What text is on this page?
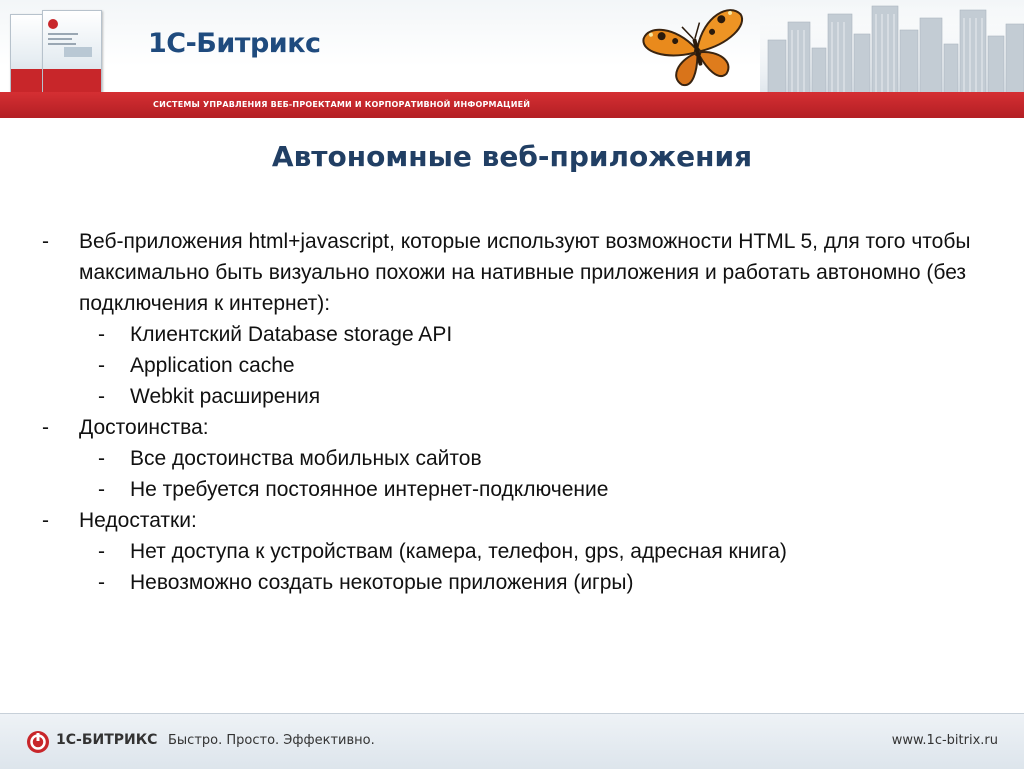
1С-Битрикс
СИСТЕМЫ УПРАВЛЕНИЯ ВЕБ-ПРОЕКТАМИ И КОРПОРАТИВНОЙ ИНФОРМАЦИЕЙ
Автономные веб-приложения
- Веб-приложения html+javascript, которые используют возможности HTML 5, для того чтобы максимально быть визуально похожи на нативные приложения и работать автономно (без подключения к интернет):
- Клиентский Database storage API
- Application cache
- Webkit расширения
- Достоинства:
- Все достоинства мобильных сайтов
- Не требуется постоянное интернет-подключение
- Недостатки:
- Нет доступа к устройствам (камера, телефон, gps, адресная книга)
- Невозможно создать некоторые приложения (игры)
1С-БИТРИКС Быстро. Просто. Эффективно.	www.1c-bitrix.ru
